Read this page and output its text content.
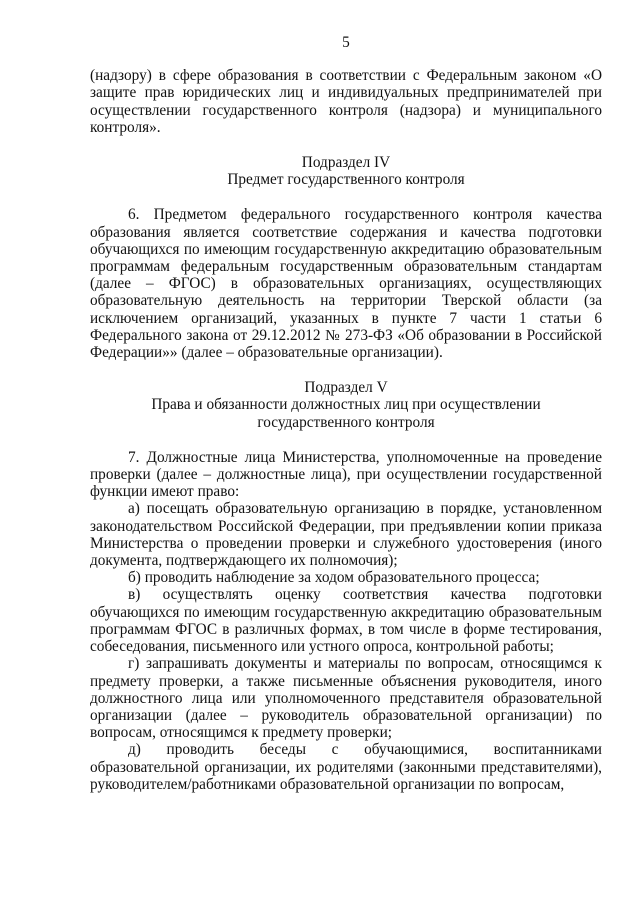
5

(надзору) в сфере образования в соответствии с Федеральным законом «О защите прав юридических лиц и индивидуальных предпринимателей при осуществлении государственного контроля (надзора) и муниципального контроля».

Подраздел IV

Предмет государственного контроля

6. Предметом федерального государственного контроля качества образования является соответствие содержания и качества подготовки обучающихся по имеющим государственную аккредитацию образовательным программам федеральным государственным образовательным стандартам (далее – ФГОС) в образовательных организациях, осуществляющих образовательную деятельность на территории Тверской области (за исключением организаций, указанных в пункте 7 части 1 статьи 6 Федерального закона от 29.12.2012 № 273-ФЗ «Об образовании в Российской Федерации»» (далее – образовательные организации).

Подраздел V

Права и обязанности должностных лиц при осуществлении

государственного контроля

7. Должностные лица Министерства, уполномоченные на проведение проверки (далее – должностные лица), при осуществлении государственной функции имеют право:

а) посещать образовательную организацию в порядке, установленном законодательством Российской Федерации, при предъявлении копии приказа Министерства о проведении проверки и служебного удостоверения (иного документа, подтверждающего их полномочия);

б) проводить наблюдение за ходом образовательного процесса;

в) осуществлять оценку соответствия качества подготовки обучающихся по имеющим государственную аккредитацию образовательным программам ФГОС в различных формах, в том числе в форме тестирования, собеседования, письменного или устного опроса, контрольной работы;

г) запрашивать документы и материалы по вопросам, относящимся к предмету проверки, а также письменные объяснения руководителя, иного должностного лица или уполномоченного представителя образовательной организации (далее – руководитель образовательной организации) по вопросам, относящимся к предмету проверки;

д) проводить беседы с обучающимися, воспитанниками образовательной организации, их родителями (законными представителями), руководителем/работниками образовательной организации по вопросам,
